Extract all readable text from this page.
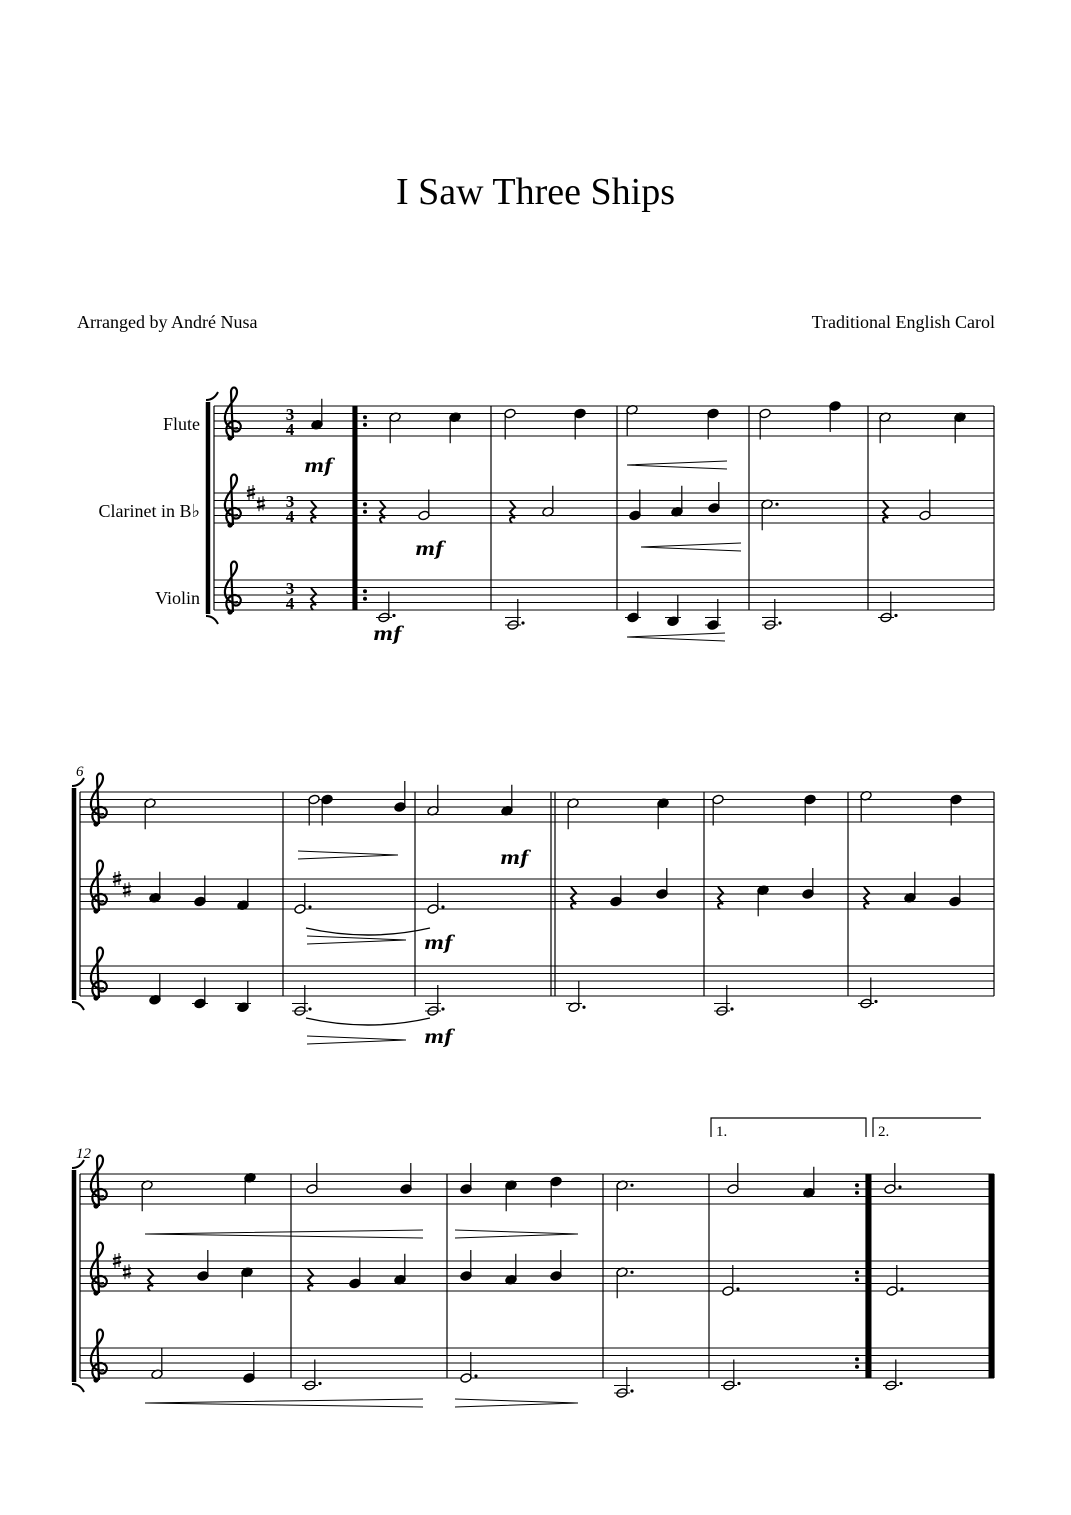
I Saw Three Ships
Arranged by André Nusa	Traditional English Carol
6
12
Flute
Clarinet in B♭
Violin
3
4
3
4
3
4
mf
mf
mf
mf
mf
mf
1.	2.
